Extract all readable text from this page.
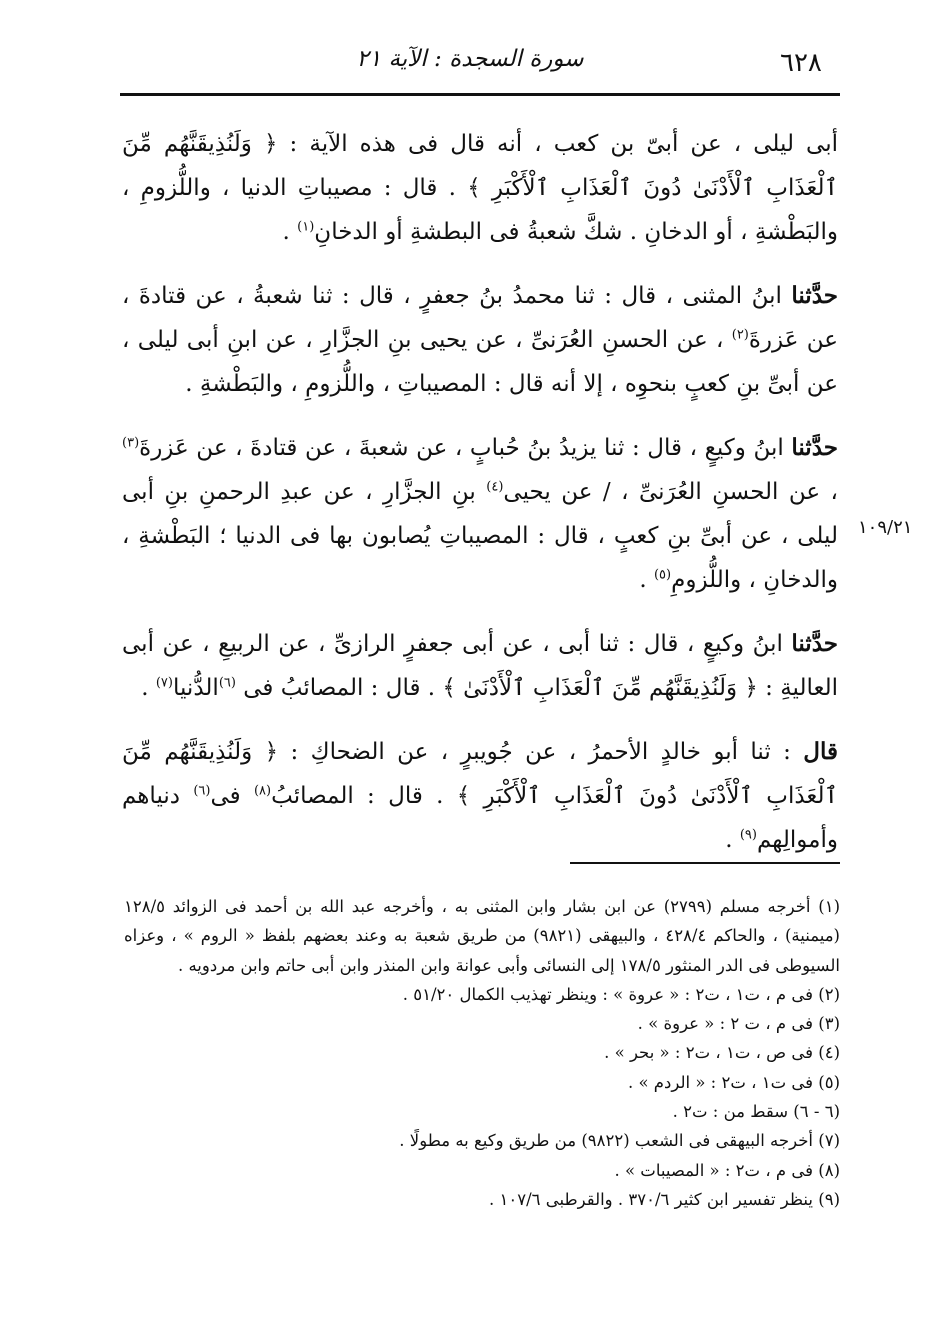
٦٢٨
سورة السجدة : الآية ٢١
١٠٩/٢١

أبى ليلى ، عن أبىّ بن كعب ، أنه قال فى هذه الآية : ﴿ وَلَنُذِيقَنَّهُم مِّنَ ٱلْعَذَابِ ٱلْأَدْنَىٰ دُونَ ٱلْعَذَابِ ٱلْأَكْبَرِ ﴾ . قال : مصيباتِ الدنيا ، واللُّزومِ ، والبَطْشةِ ، أو الدخانِ . شكَّ شعبةُ فى البطشةِ أو الدخانِ$^{(١)}$ .

حدَّثنا ابنُ المثنى ، قال : ثنا محمدُ بنُ جعفرٍ ، قال : ثنا شعبةُ ، عن قتادةَ ، عن عَزرةَ$^{(٢)}$ ، عن الحسنِ العُرَنىِّ ، عن يحيى بنِ الجزَّارِ ، عن ابنِ أبى ليلى ، عن أبىِّ بنِ كعبٍ بنحوِه ، إلا أنه قال : المصيباتِ ، واللُّزومِ ، والبَطْشةِ .

حدَّثنا ابنُ وكيعٍ ، قال : ثنا يزيدُ بنُ حُبابٍ ، عن شعبةَ ، عن قتادةَ ، عن عَزرةَ$^{(٣)}$ ، عن الحسنِ العُرَنىِّ ، / عن يحيى$^{(٤)}$ بنِ الجزَّارِ ، عن عبدِ الرحمنِ بنِ أبى ليلى ، عن أبىِّ بنِ كعبٍ ، قال : المصيباتِ يُصابون بها فى الدنيا ؛ البَطْشةِ ، والدخانِ ، واللُّزومِ$^{(٥)}$ .

حدَّثنا ابنُ وكيعٍ ، قال : ثنا أبى ، عن أبى جعفرٍ الرازىِّ ، عن الربيعِ ، عن أبى العاليةِ : ﴿ وَلَنُذِيقَنَّهُم مِّنَ ٱلْعَذَابِ ٱلْأَدْنَىٰ ﴾ . قال : المصائبُ فى $^{(٦)}$الدُّنيا$^{(٧)}$ .

قال : ثنا أبو خالدٍ الأحمرُ ، عن جُويبرٍ ، عن الضحاكِ : ﴿ وَلَنُذِيقَنَّهُم مِّنَ ٱلْعَذَابِ ٱلْأَدْنَىٰ دُونَ ٱلْعَذَابِ ٱلْأَكْبَرِ ﴾ . قال : المصائبُ$^{(٨)}$ فى$^{(٦)}$ دنياهم وأموالِهم$^{(٩)}$ .

(١) أخرجه مسلم (٢٧٩٩) عن ابن بشار وابن المثنى به ، وأخرجه عبد الله بن أحمد فى الزوائد ١٢٨/٥ (ميمنية) ، والحاكم ٤٢٨/٤ ، والبيهقى (٩٨٢١) من طريق شعبة به وعند بعضهم بلفظ « الروم » ، وعزاه السيوطى فى الدر المنثور ١٧٨/٥ إلى النسائى وأبى عوانة وابن المنذر وابن أبى حاتم وابن مردويه .

(٢) فى م ، ت١ ، ت٢ : « عروة » : وينظر تهذيب الكمال ٥١/٢٠ .

(٣) فى م ، ت ٢ : « عروة » .

(٤) فى ص ، ت١ ، ت٢ : « بحر » .

(٥) فى ت١ ، ت٢ : « الردم » .

(٦ - ٦) سقط من : ت٢ .

(٧) أخرجه البيهقى فى الشعب (٩٨٢٢) من طريق وكيع به مطولًا .

(٨) فى م ، ت٢ : « المصيبات » .

(٩) ينظر تفسير ابن كثير ٣٧٠/٦ . والقرطبى ١٠٧/٦ .
